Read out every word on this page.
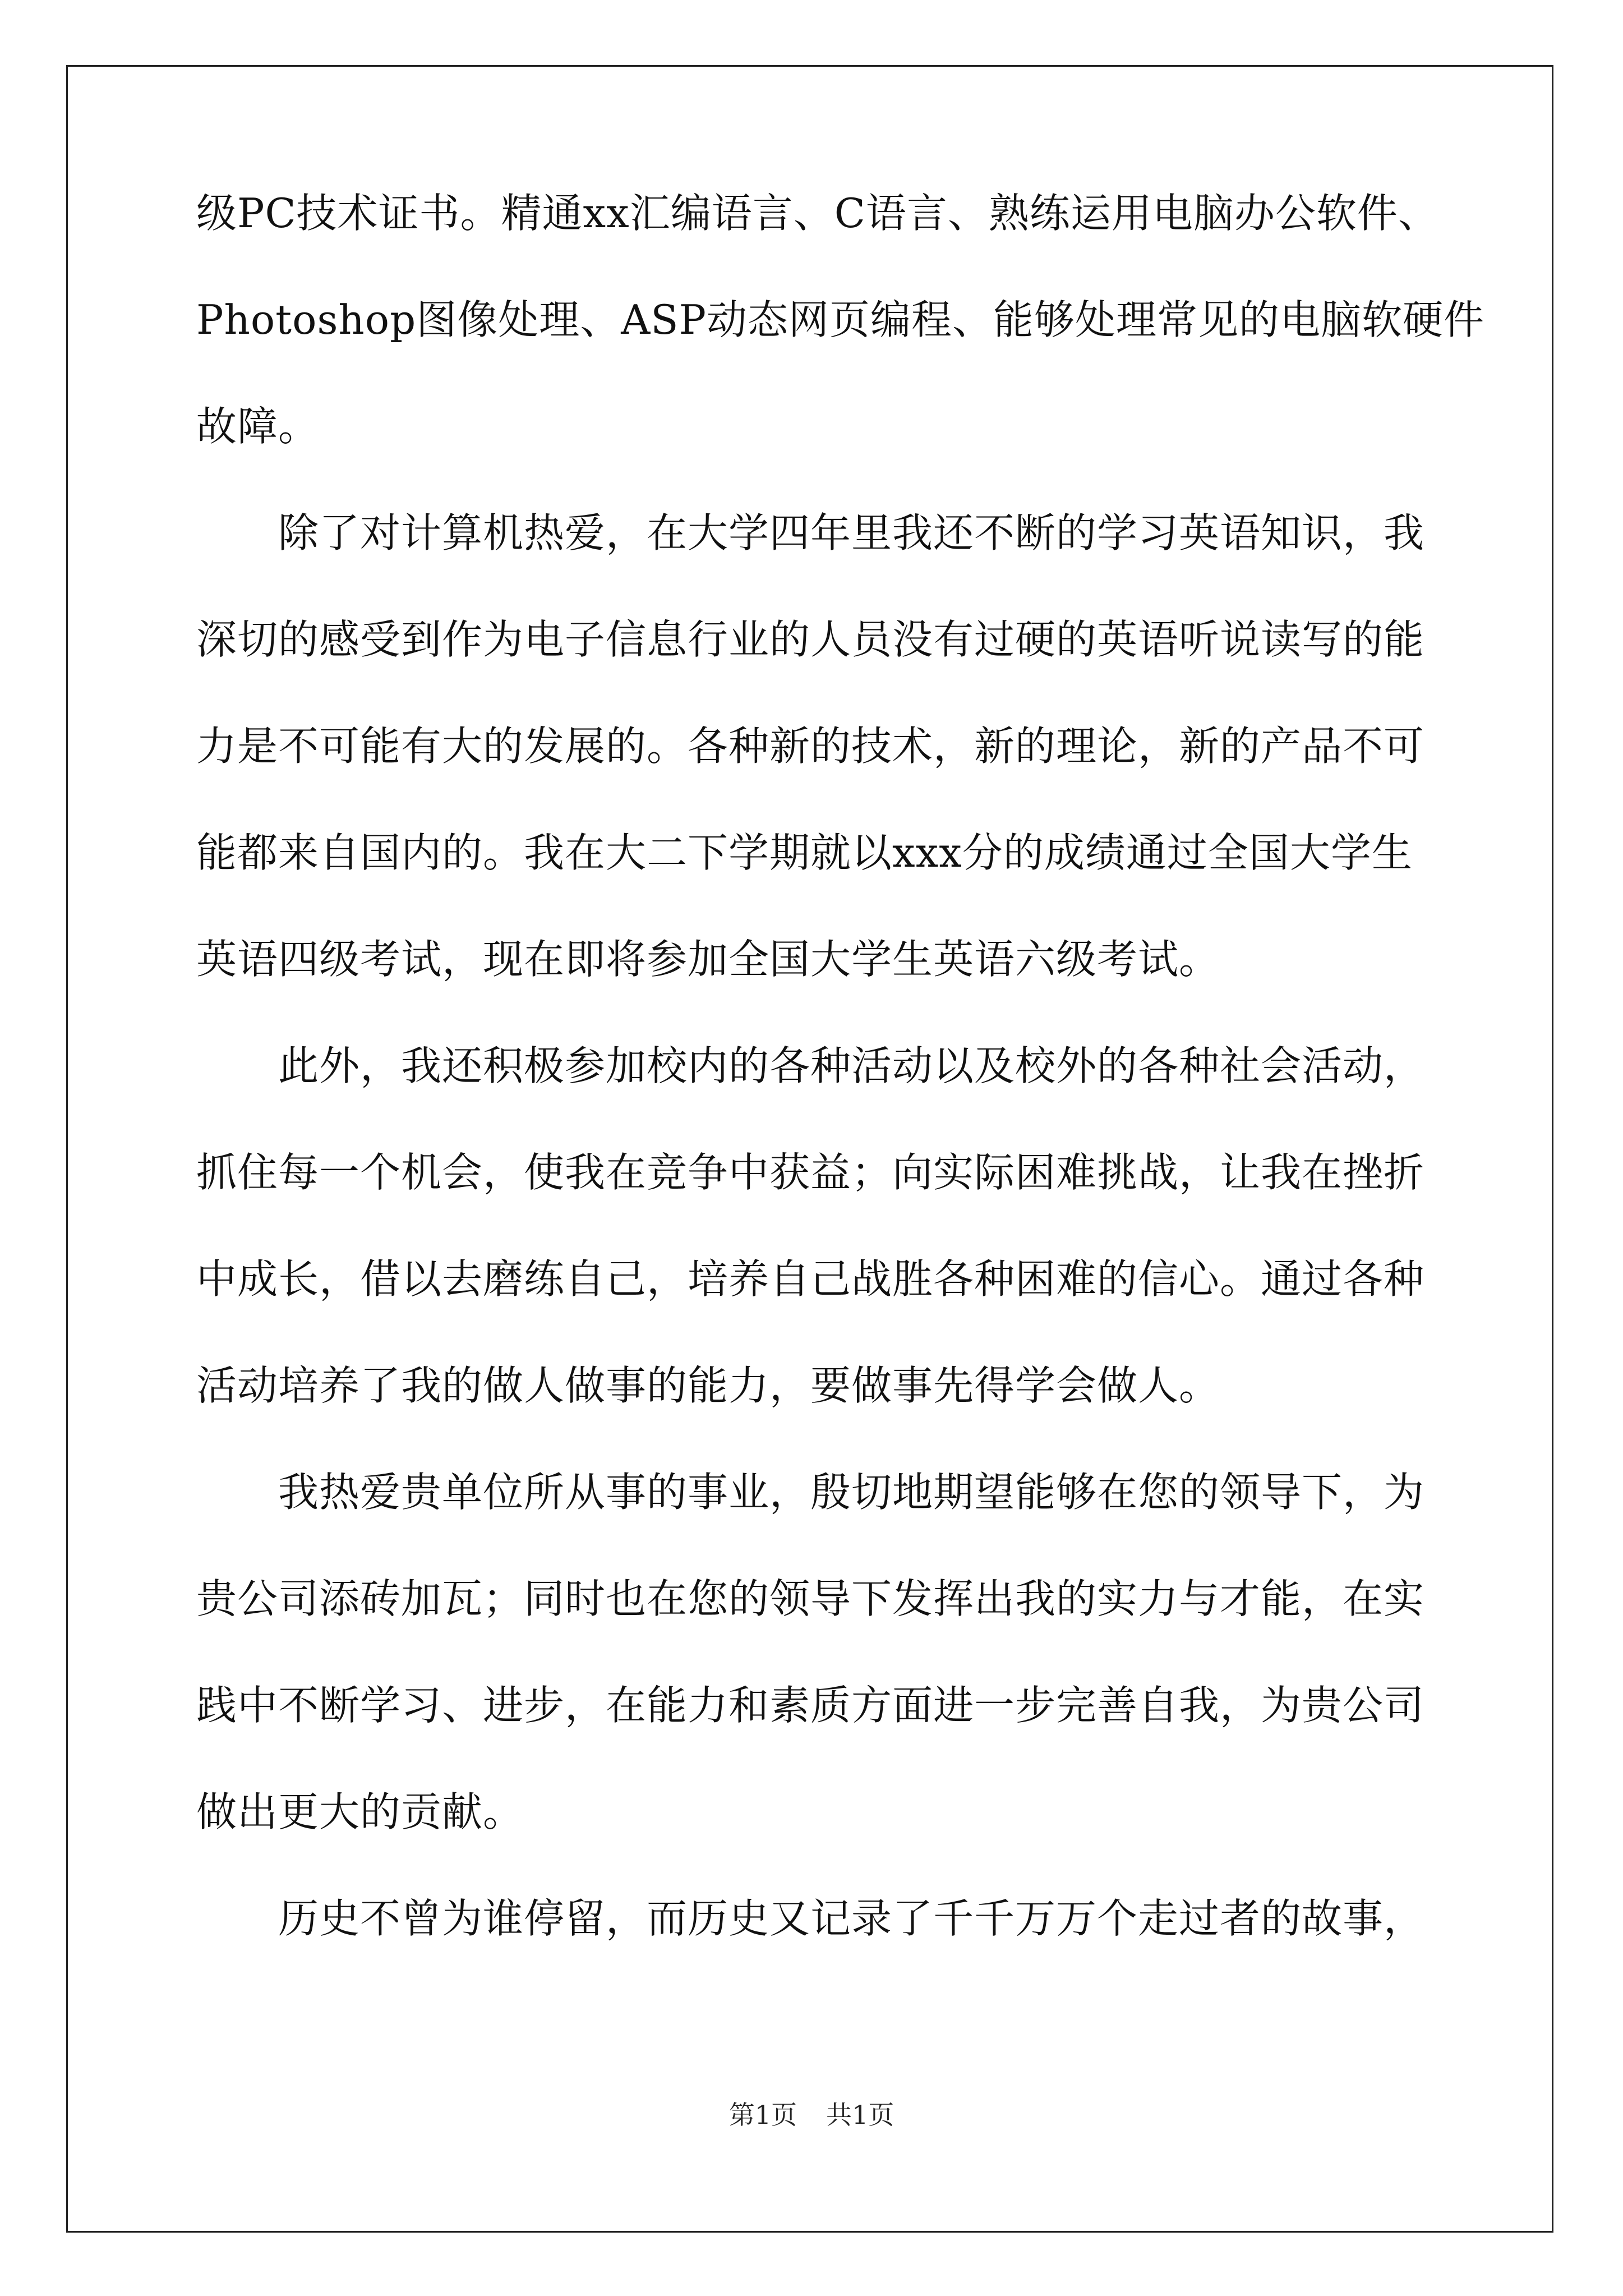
级PC技术证书。精通xx汇编语言、C语言、熟练运用电脑办公软件、
Photoshop图像处理、ASP动态网页编程、能够处理常见的电脑软硬件
故障。
除了对计算机热爱，在大学四年里我还不断的学习英语知识，我
深切的感受到作为电子信息行业的人员没有过硬的英语听说读写的能
力是不可能有大的发展的。各种新的技术，新的理论，新的产品不可
能都来自国内的。我在大二下学期就以xxx分的成绩通过全国大学生
英语四级考试，现在即将参加全国大学生英语六级考试。
此外，我还积极参加校内的各种活动以及校外的各种社会活动，
抓住每一个机会，使我在竞争中获益；向实际困难挑战，让我在挫折
中成长，借以去磨练自己，培养自己战胜各种困难的信心。通过各种
活动培养了我的做人做事的能力，要做事先得学会做人。
我热爱贵单位所从事的事业，殷切地期望能够在您的领导下，为
贵公司添砖加瓦；同时也在您的领导下发挥出我的实力与才能，在实
践中不断学习、进步，在能力和素质方面进一步完善自我，为贵公司
做出更大的贡献。
历史不曾为谁停留，而历史又记录了千千万万个走过者的故事，
第1页 共1页
